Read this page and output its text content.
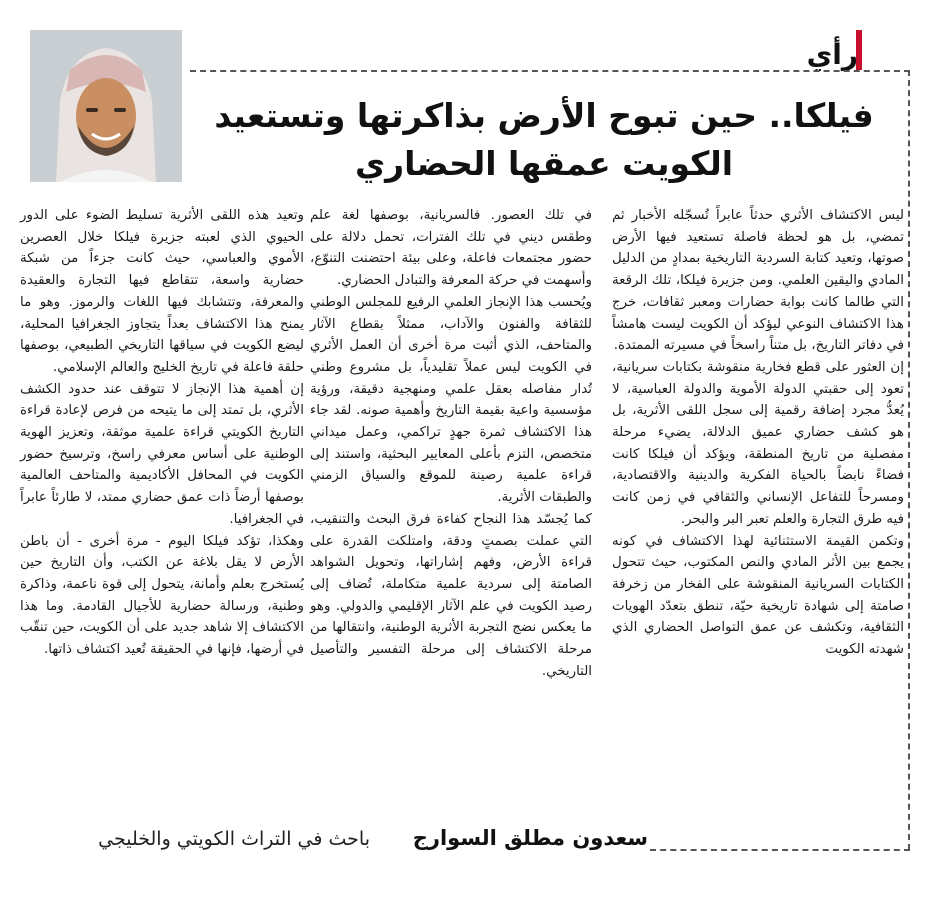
رأي
فيلكا.. حين تبوح الأرض بذاكرتها وتستعيد
الكويت عمقها الحضاري

ليس الاكتشاف الأثري حدثاً عابراً تُسجّله الأخبار ثم تمضي، بل هو لحظة فاصلة تستعيد فيها الأرض صوتها، وتعيد كتابة السردية التاريخية بمدادٍ من الدليل المادي واليقين العلمي. ومن جزيرة فيلكا، تلك الرقعة التي طالما كانت بوابة حضارات ومعبر ثقافات، خرج هذا الاكتشاف النوعي ليؤكد أن الكويت ليست هامشاً في دفاتر التاريخ، بل متناً راسخاً في مسيرته الممتدة.

إن العثور على قطع فخارية منقوشة بكتابات سريانية، تعود إلى حقبتي الدولة الأموية والدولة العباسية، لا يُعدُّ مجرد إضافة رقمية إلى سجل اللقى الأثرية، بل هو كشف حضاري عميق الدلالة، يضيء مرحلة مفصلية من تاريخ المنطقة، ويؤكد أن فيلكا كانت فضاءً نابضاً بالحياة الفكرية والدينية والاقتصادية، ومسرحاً للتفاعل الإنساني والثقافي في زمن كانت فيه طرق التجارة والعلم تعبر البر والبحر.

وتكمن القيمة الاستثنائية لهذا الاكتشاف في كونه يجمع بين الأثر المادي والنص المكتوب، حيث تتحول الكتابات السريانية المنقوشة على الفخار من زخرفة صامتة إلى شهادة تاريخية حيّة، تنطق بتعدّد الهويات الثقافية، وتكشف عن عمق التواصل الحضاري الذي شهدته الكويت

في تلك العصور. فالسريانية، بوصفها لغة علم وطقس ديني في تلك الفترات، تحمل دلالة على حضور مجتمعات فاعلة، وعلى بيئة احتضنت التنوّع، وأسهمت في حركة المعرفة والتبادل الحضاري.

ويُحسب هذا الإنجاز العلمي الرفيع للمجلس الوطني للثقافة والفنون والآداب، ممثلاً بقطاع الآثار والمتاحف، الذي أثبت مرة أخرى أن العمل الأثري في الكويت ليس عملاً تقليدياً، بل مشروع وطني تُدار مفاصله بعقل علمي ومنهجية دقيقة، ورؤية مؤسسية واعية بقيمة التاريخ وأهمية صونه. لقد جاء هذا الاكتشاف ثمرة جهدٍ تراكمي، وعمل ميداني متخصص، التزم بأعلى المعايير البحثية، واستند إلى قراءة علمية رصينة للموقع والسياق الزمني والطبقات الأثرية.

كما يُجسّد هذا النجاح كفاءة فرق البحث والتنقيب، التي عملت بصمتٍ ودقة، وامتلكت القدرة على قراءة الأرض، وفهم إشاراتها، وتحويل الشواهد الصامتة إلى سردية علمية متكاملة، تُضاف إلى رصيد الكويت في علم الآثار الإقليمي والدولي. وهو ما يعكس نضج التجربة الأثرية الوطنية، وانتقالها من مرحلة الاكتشاف إلى مرحلة التفسير والتأصيل التاريخي.

وتعيد هذه اللقى الأثرية تسليط الضوء على الدور الحيوي الذي لعبته جزيرة فيلكا خلال العصرين الأموي والعباسي، حيث كانت جزءاً من شبكة حضارية واسعة، تتقاطع فيها التجارة والعقيدة والمعرفة، وتتشابك فيها اللغات والرموز. وهو ما يمنح هذا الاكتشاف بعداً يتجاوز الجغرافيا المحلية، ليضع الكويت في سياقها التاريخي الطبيعي، بوصفها حلقة فاعلة في تاريخ الخليج والعالم الإسلامي.

إن أهمية هذا الإنجاز لا تتوقف عند حدود الكشف الأثري، بل تمتد إلى ما يتيحه من فرص لإعادة قراءة التاريخ الكويتي قراءة علمية موثقة، وتعزيز الهوية الوطنية على أساس معرفي راسخ، وترسيخ حضور الكويت في المحافل الأكاديمية والمتاحف العالمية بوصفها أرضاً ذات عمق حضاري ممتد، لا طارئاً عابراً في الجغرافيا.

وهكذا، تؤكد فيلكا اليوم - مرة أخرى - أن باطن الأرض لا يقل بلاغة عن الكتب، وأن التاريخ حين يُستخرج بعلم وأمانة، يتحول إلى قوة ناعمة، وذاكرة وطنية، ورسالة حضارية للأجيال القادمة. وما هذا الاكتشاف إلا شاهد جديد على أن الكويت، حين تنقّب في أرضها، فإنها في الحقيقة تُعيد اكتشاف ذاتها.

سعدون مطلق السوارج
باحث في التراث الكويتي والخليجي
